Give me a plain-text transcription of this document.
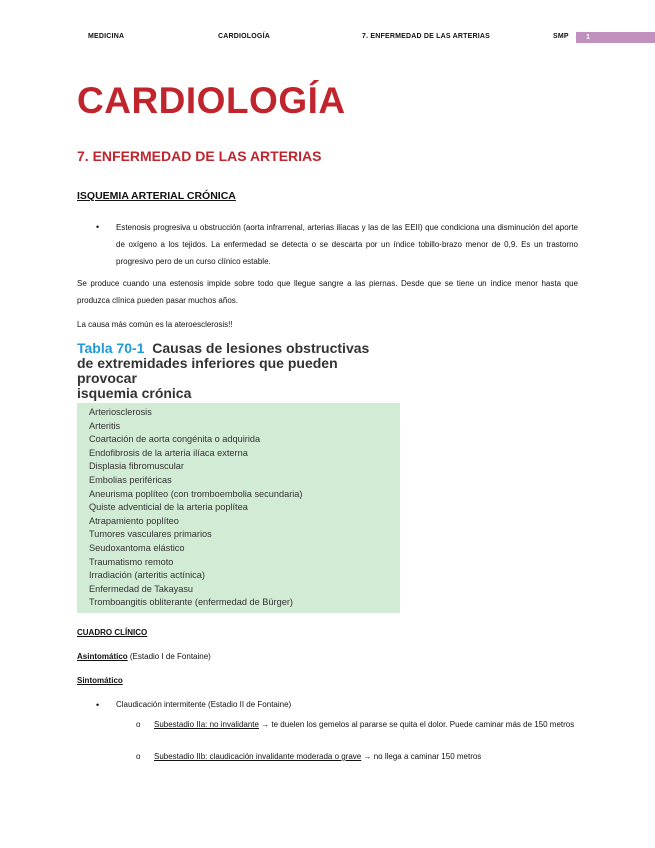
MEDICINA	CARDIOLOGÍA	7. ENFERMEDAD DE LAS ARTERIAS	SMP	1
CARDIOLOGÍA
7. ENFERMEDAD DE LAS ARTERIAS
ISQUEMIA ARTERIAL CRÓNICA
• Estenosis progresiva u obstrucción (aorta infrarrenal, arterias ilíacas y las de las EEII) que condiciona una disminución del aporte de oxígeno a los tejidos. La enfermedad se detecta o se descarta por un índice tobillo-brazo menor de 0,9. Es un trastorno progresivo pero de un curso clínico estable.
Se produce cuando una estenosis impide sobre todo que llegue sangre a las piernas. Desde que se tiene un índice menor hasta que produzca clínica pueden pasar muchos años.
La causa más común es la ateroesclerosis!!
Tabla 70-1 Causas de lesiones obstructivas
de extremidades inferiores que pueden provocar
isquemia crónica
Arteriosclerosis
Arteritis
Coartación de aorta congénita o adquirida
Endofibrosis de la arteria ilíaca externa
Displasia fibromuscular
Embolias periféricas
Aneurisma poplíteo (con tromboembolia secundaria)
Quiste adventicial de la arteria poplítea
Atrapamiento poplíteo
Tumores vasculares primarios
Seudoxantoma elástico
Traumatismo remoto
Irradiación (arteritis actínica)
Enfermedad de Takayasu
Tromboangitis obliterante (enfermedad de Bürger)
CUADRO CLÍNICO
Asintomático (Estadio I de Fontaine)
Sintomático
• Claudicación intermitente (Estadio II de Fontaine)
o Subestadio IIa: no invalidante → te duelen los gemelos al pararse se quita el dolor. Puede caminar más de 150 metros
o Subestadio IIb: claudicación invalidante moderada o grave → no llega a caminar 150 metros
